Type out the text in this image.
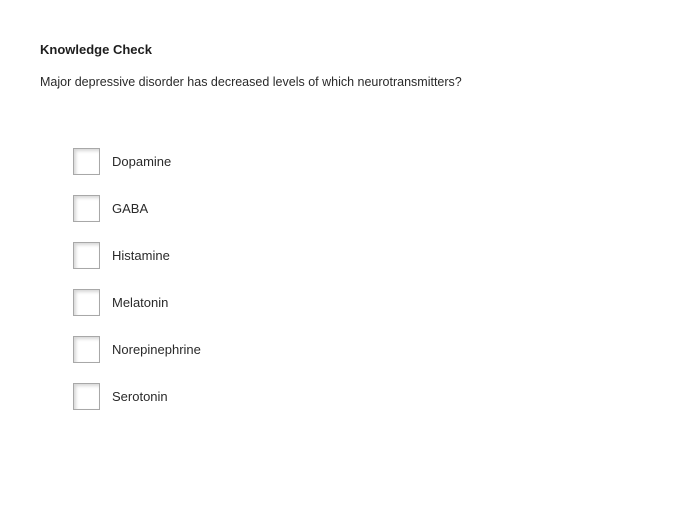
Knowledge Check
Major depressive disorder has decreased levels of which neurotransmitters?
Dopamine
GABA
Histamine
Melatonin
Norepinephrine
Serotonin
